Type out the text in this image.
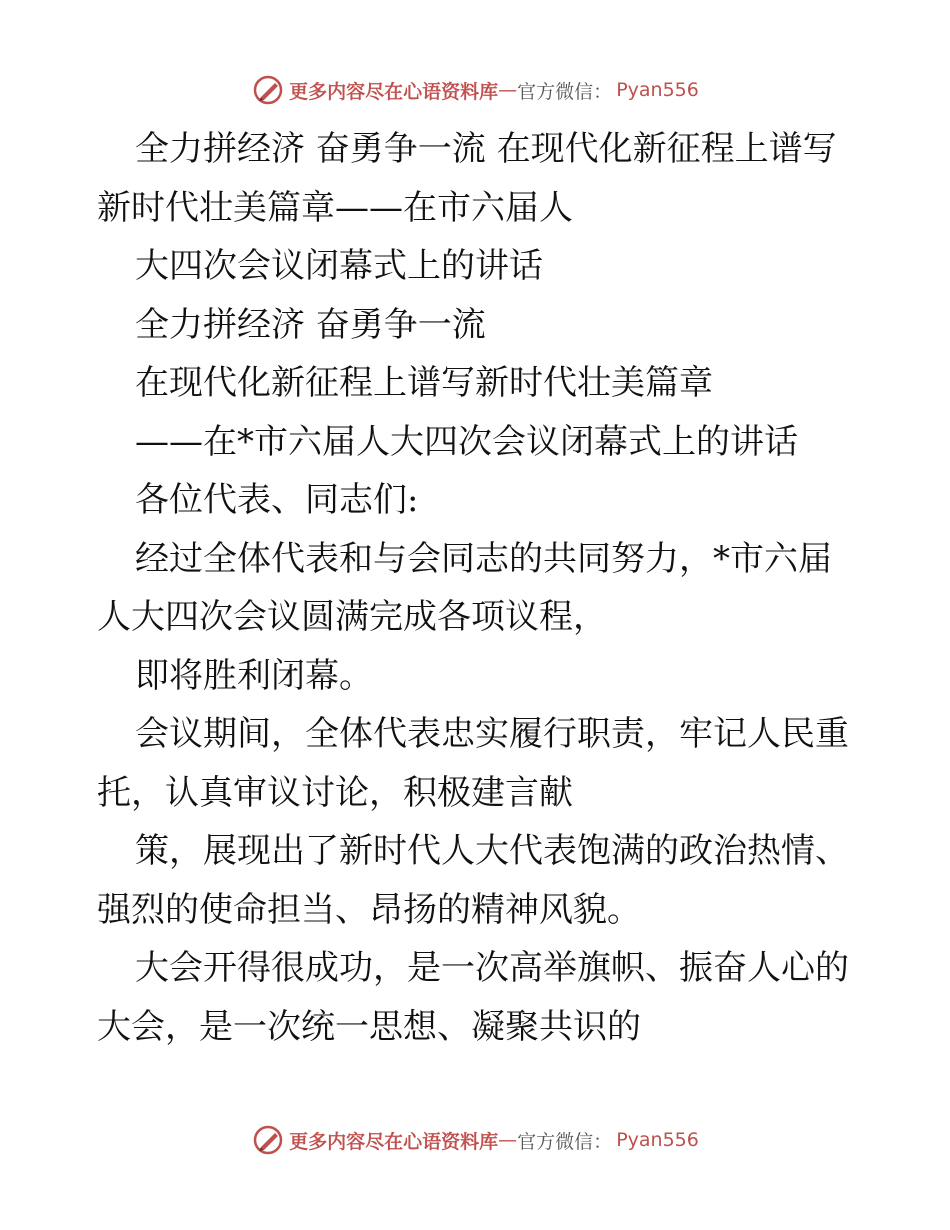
更多内容尽在心语资料库 — 官方微信： Pyan556
全力拼经济 奋勇争一流 在现代化新征程上谱写
新时代壮美篇章——在市六届人
大四次会议闭幕式上的讲话
全力拼经济 奋勇争一流
在现代化新征程上谱写新时代壮美篇章
——在*市六届人大四次会议闭幕式上的讲话
各位代表、同志们:
经过全体代表和与会同志的共同努力，*市六届
人大四次会议圆满完成各项议程，
即将胜利闭幕。
会议期间，全体代表忠实履行职责，牢记人民重
托，认真审议讨论，积极建言献
策，展现出了新时代人大代表饱满的政治热情、
强烈的使命担当、昂扬的精神风貌。
大会开得很成功，是一次高举旗帜、振奋人心的
大会，是一次统一思想、凝聚共识的
更多内容尽在心语资料库 — 官方微信： Pyan556
